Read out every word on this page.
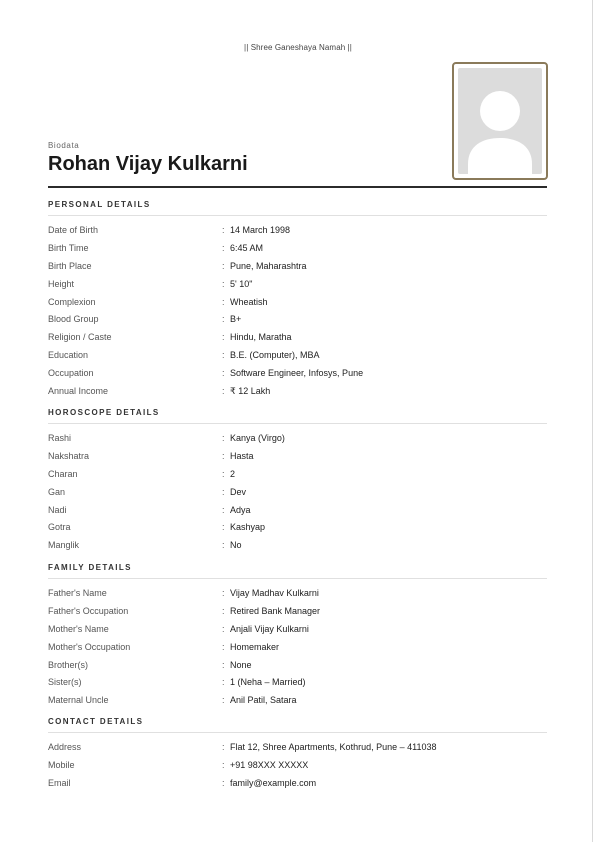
|| Shree Ganeshaya Namah ||
Biodata
Rohan Vijay Kulkarni
PERSONAL DETAILS
Date of Birth	: 14 March 1998
Birth Time	: 6:45 AM
Birth Place	: Pune, Maharashtra
Height	: 5' 10"
Complexion	: Wheatish
Blood Group	: B+
Religion / Caste	: Hindu, Maratha
Education	: B.E. (Computer), MBA
Occupation	: Software Engineer, Infosys, Pune
Annual Income	: ₹ 12 Lakh
HOROSCOPE DETAILS
Rashi	: Kanya (Virgo)
Nakshatra	: Hasta
Charan	: 2
Gan	: Dev
Nadi	: Adya
Gotra	: Kashyap
Manglik	: No
FAMILY DETAILS
Father's Name	: Vijay Madhav Kulkarni
Father's Occupation	: Retired Bank Manager
Mother's Name	: Anjali Vijay Kulkarni
Mother's Occupation	: Homemaker
Brother(s)	: None
Sister(s)	: 1 (Neha – Married)
Maternal Uncle	: Anil Patil, Satara
CONTACT DETAILS
Address	: Flat 12, Shree Apartments, Kothrud, Pune – 411038
Mobile	: +91 98XXX XXXXX
Email	: family@example.com
